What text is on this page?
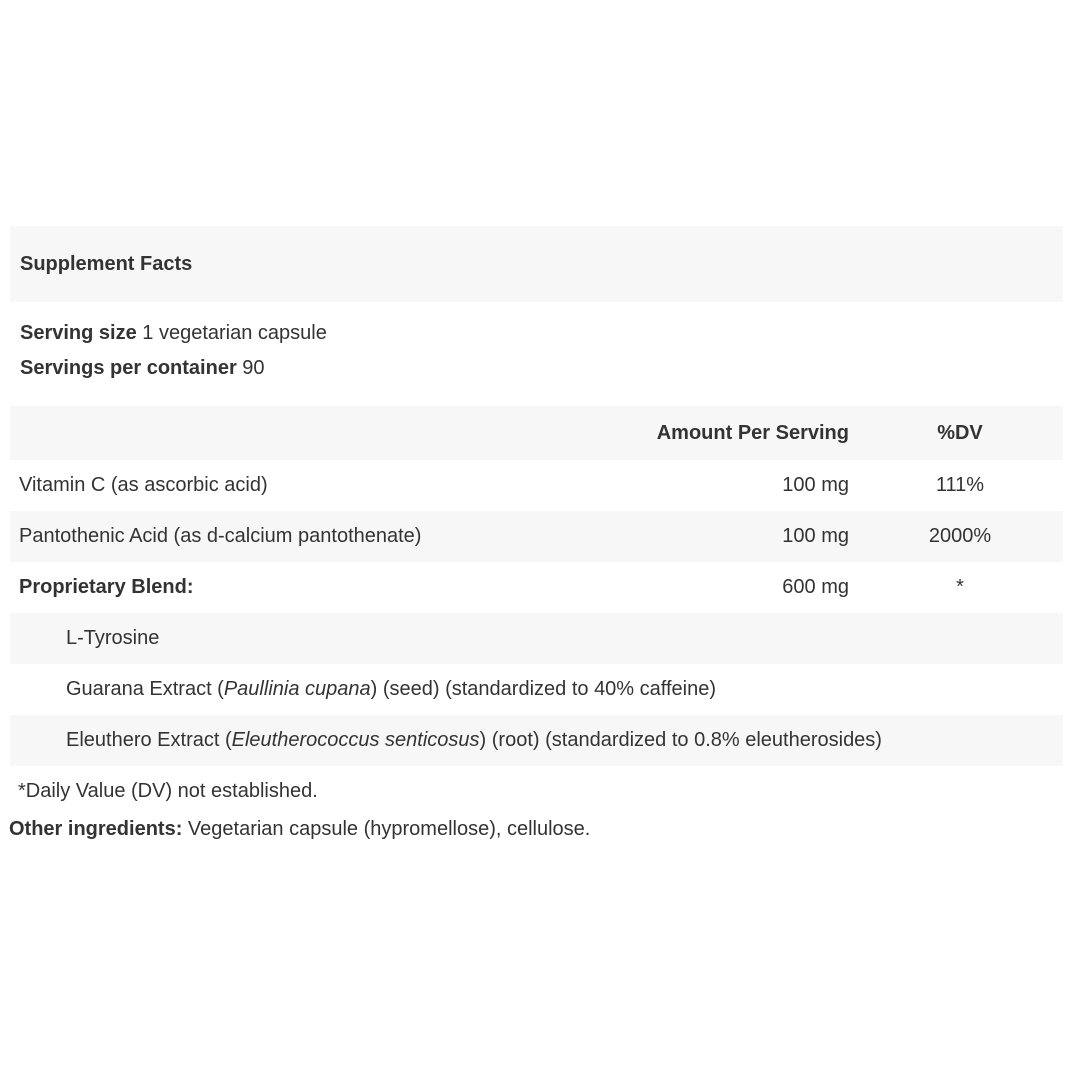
Supplement Facts
Serving size 1 vegetarian capsule
Servings per container 90
Amount Per Serving	%DV
Vitamin C (as ascorbic acid)	100 mg	111%
Pantothenic Acid (as d-calcium pantothenate)	100 mg	2000%
Proprietary Blend:	600 mg	*
L-Tyrosine
Guarana Extract (Paullinia cupana) (seed) (standardized to 40% caffeine)
Eleuthero Extract (Eleutherococcus senticosus) (root) (standardized to 0.8% eleutherosides)
*Daily Value (DV) not established.
Other ingredients: Vegetarian capsule (hypromellose), cellulose.
